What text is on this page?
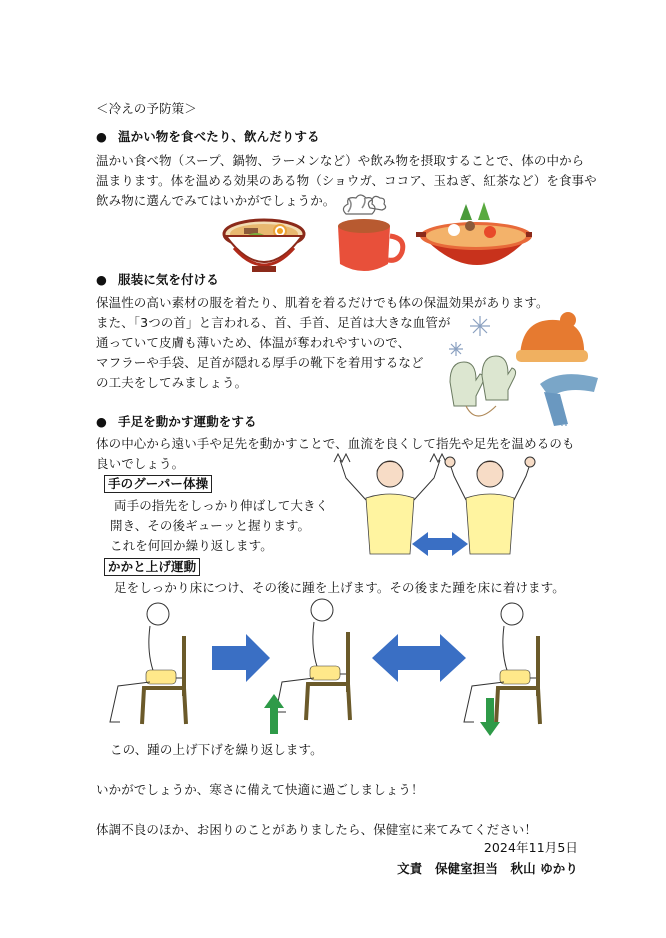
＜冷えの予防策＞
● 温かい物を食べたり、飲んだりする
温かい食べ物（スープ、鍋物、ラーメンなど）や飲み物を摂取することで、体の中から
温まります。体を温める効果のある物（ショウガ、ココア、玉ねぎ、紅茶など）を食事や
飲み物に選んでみてはいかがでしょうか。
● 服装に気を付ける
保温性の高い素材の服を着たり、肌着を着るだけでも体の保温効果があります。
また、「3つの首」と言われる、首、手首、足首は大きな血管が
通っていて皮膚も薄いため、体温が奪われやすいので、
マフラーや手袋、足首が隠れる厚手の靴下を着用するなど
の工夫をしてみましょう。
● 手足を動かす運動をする
体の中心から遠い手や足先を動かすことで、血流を良くして指先や足先を温めるのも
良いでしょう。
手のグーパー体操
両手の指先をしっかり伸ばして大きく
開き、その後ギューッと握ります。
これを何回か繰り返します。
かかと上げ運動
足をしっかり床につけ、その後に踵を上げます。その後また踵を床に着けます。
この、踵の上げ下げを繰り返します。
いかがでしょうか、寒さに備えて快適に過ごしましょう！
体調不良のほか、お困りのことがありましたら、保健室に来てみてください！
2024年11月5日
文責　保健室担当　秋山 ゆかり
